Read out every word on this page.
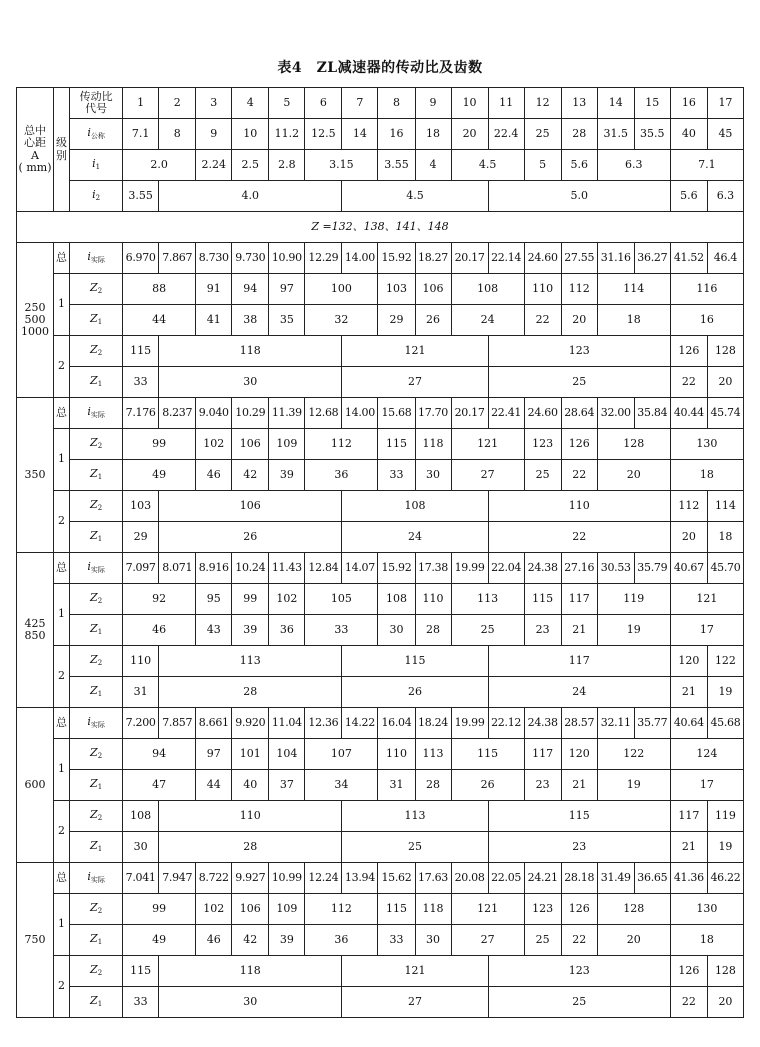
表4　ZL减速器的传动比及齿数
总中
心距
A
( mm)	级
别	传动比
代号	1	2	3	4	5	6	7	8	9	10	11	12	13	14	15	16	17
		$i_{公称}$	7.1	8	9	10	11.2	12.5	14	16	18	20	22.4	25	28	31.5	35.5	40	45
		$i_1$	2.0		2.24	2.5	2.8	3.15		3.55	4	4.5		5	5.6	6.3		7.1	
		$i_2$	3.55	4.0					4.5				5.0					5.6	6.3
Z =132、138、141、148																			
250
500
1000	总	$i_{实际}$	6.970	7.867	8.730	9.730	10.90	12.29	14.00	15.92	18.27	20.17	22.14	24.60	27.55	31.16	36.27	41.52	46.4
	1	$Z_2$	88		91	94	97	100		103	106	108		110	112	114		116	
		$Z_1$	44		41	38	35	32		29	26	24		22	20	18		16	
	2	$Z_2$	115	118					121				123					126	128
		$Z_1$	33	30					27				25					22	20
350	总	$i_{实际}$	7.176	8.237	9.040	10.29	11.39	12.68	14.00	15.68	17.70	20.17	22.41	24.60	28.64	32.00	35.84	40.44	45.74
	1	$Z_2$	99		102	106	109	112		115	118	121		123	126	128		130	
		$Z_1$	49		46	42	39	36		33	30	27		25	22	20		18	
	2	$Z_2$	103	106					108				110					112	114
		$Z_1$	29	26					24				22					20	18
425
850	总	$i_{实际}$	7.097	8.071	8.916	10.24	11.43	12.84	14.07	15.92	17.38	19.99	22.04	24.38	27.16	30.53	35.79	40.67	45.70
	1	$Z_2$	92		95	99	102	105		108	110	113		115	117	119		121	
		$Z_1$	46		43	39	36	33		30	28	25		23	21	19		17	
	2	$Z_2$	110	113					115				117					120	122
		$Z_1$	31	28					26				24					21	19
600	总	$i_{实际}$	7.200	7.857	8.661	9.920	11.04	12.36	14.22	16.04	18.24	19.99	22.12	24.38	28.57	32.11	35.77	40.64	45.68
	1	$Z_2$	94		97	101	104	107		110	113	115		117	120	122		124	
		$Z_1$	47		44	40	37	34		31	28	26		23	21	19		17	
	2	$Z_2$	108	110					113				115					117	119
		$Z_1$	30	28					25				23					21	19
750	总	$i_{实际}$	7.041	7.947	8.722	9.927	10.99	12.24	13.94	15.62	17.63	20.08	22.05	24.21	28.18	31.49	36.65	41.36	46.22
	1	$Z_2$	99		102	106	109	112		115	118	121		123	126	128		130	
		$Z_1$	49		46	42	39	36		33	30	27		25	22	20		18	
	2	$Z_2$	115	118					121				123					126	128
		$Z_1$	33	30					27				25					22	20
